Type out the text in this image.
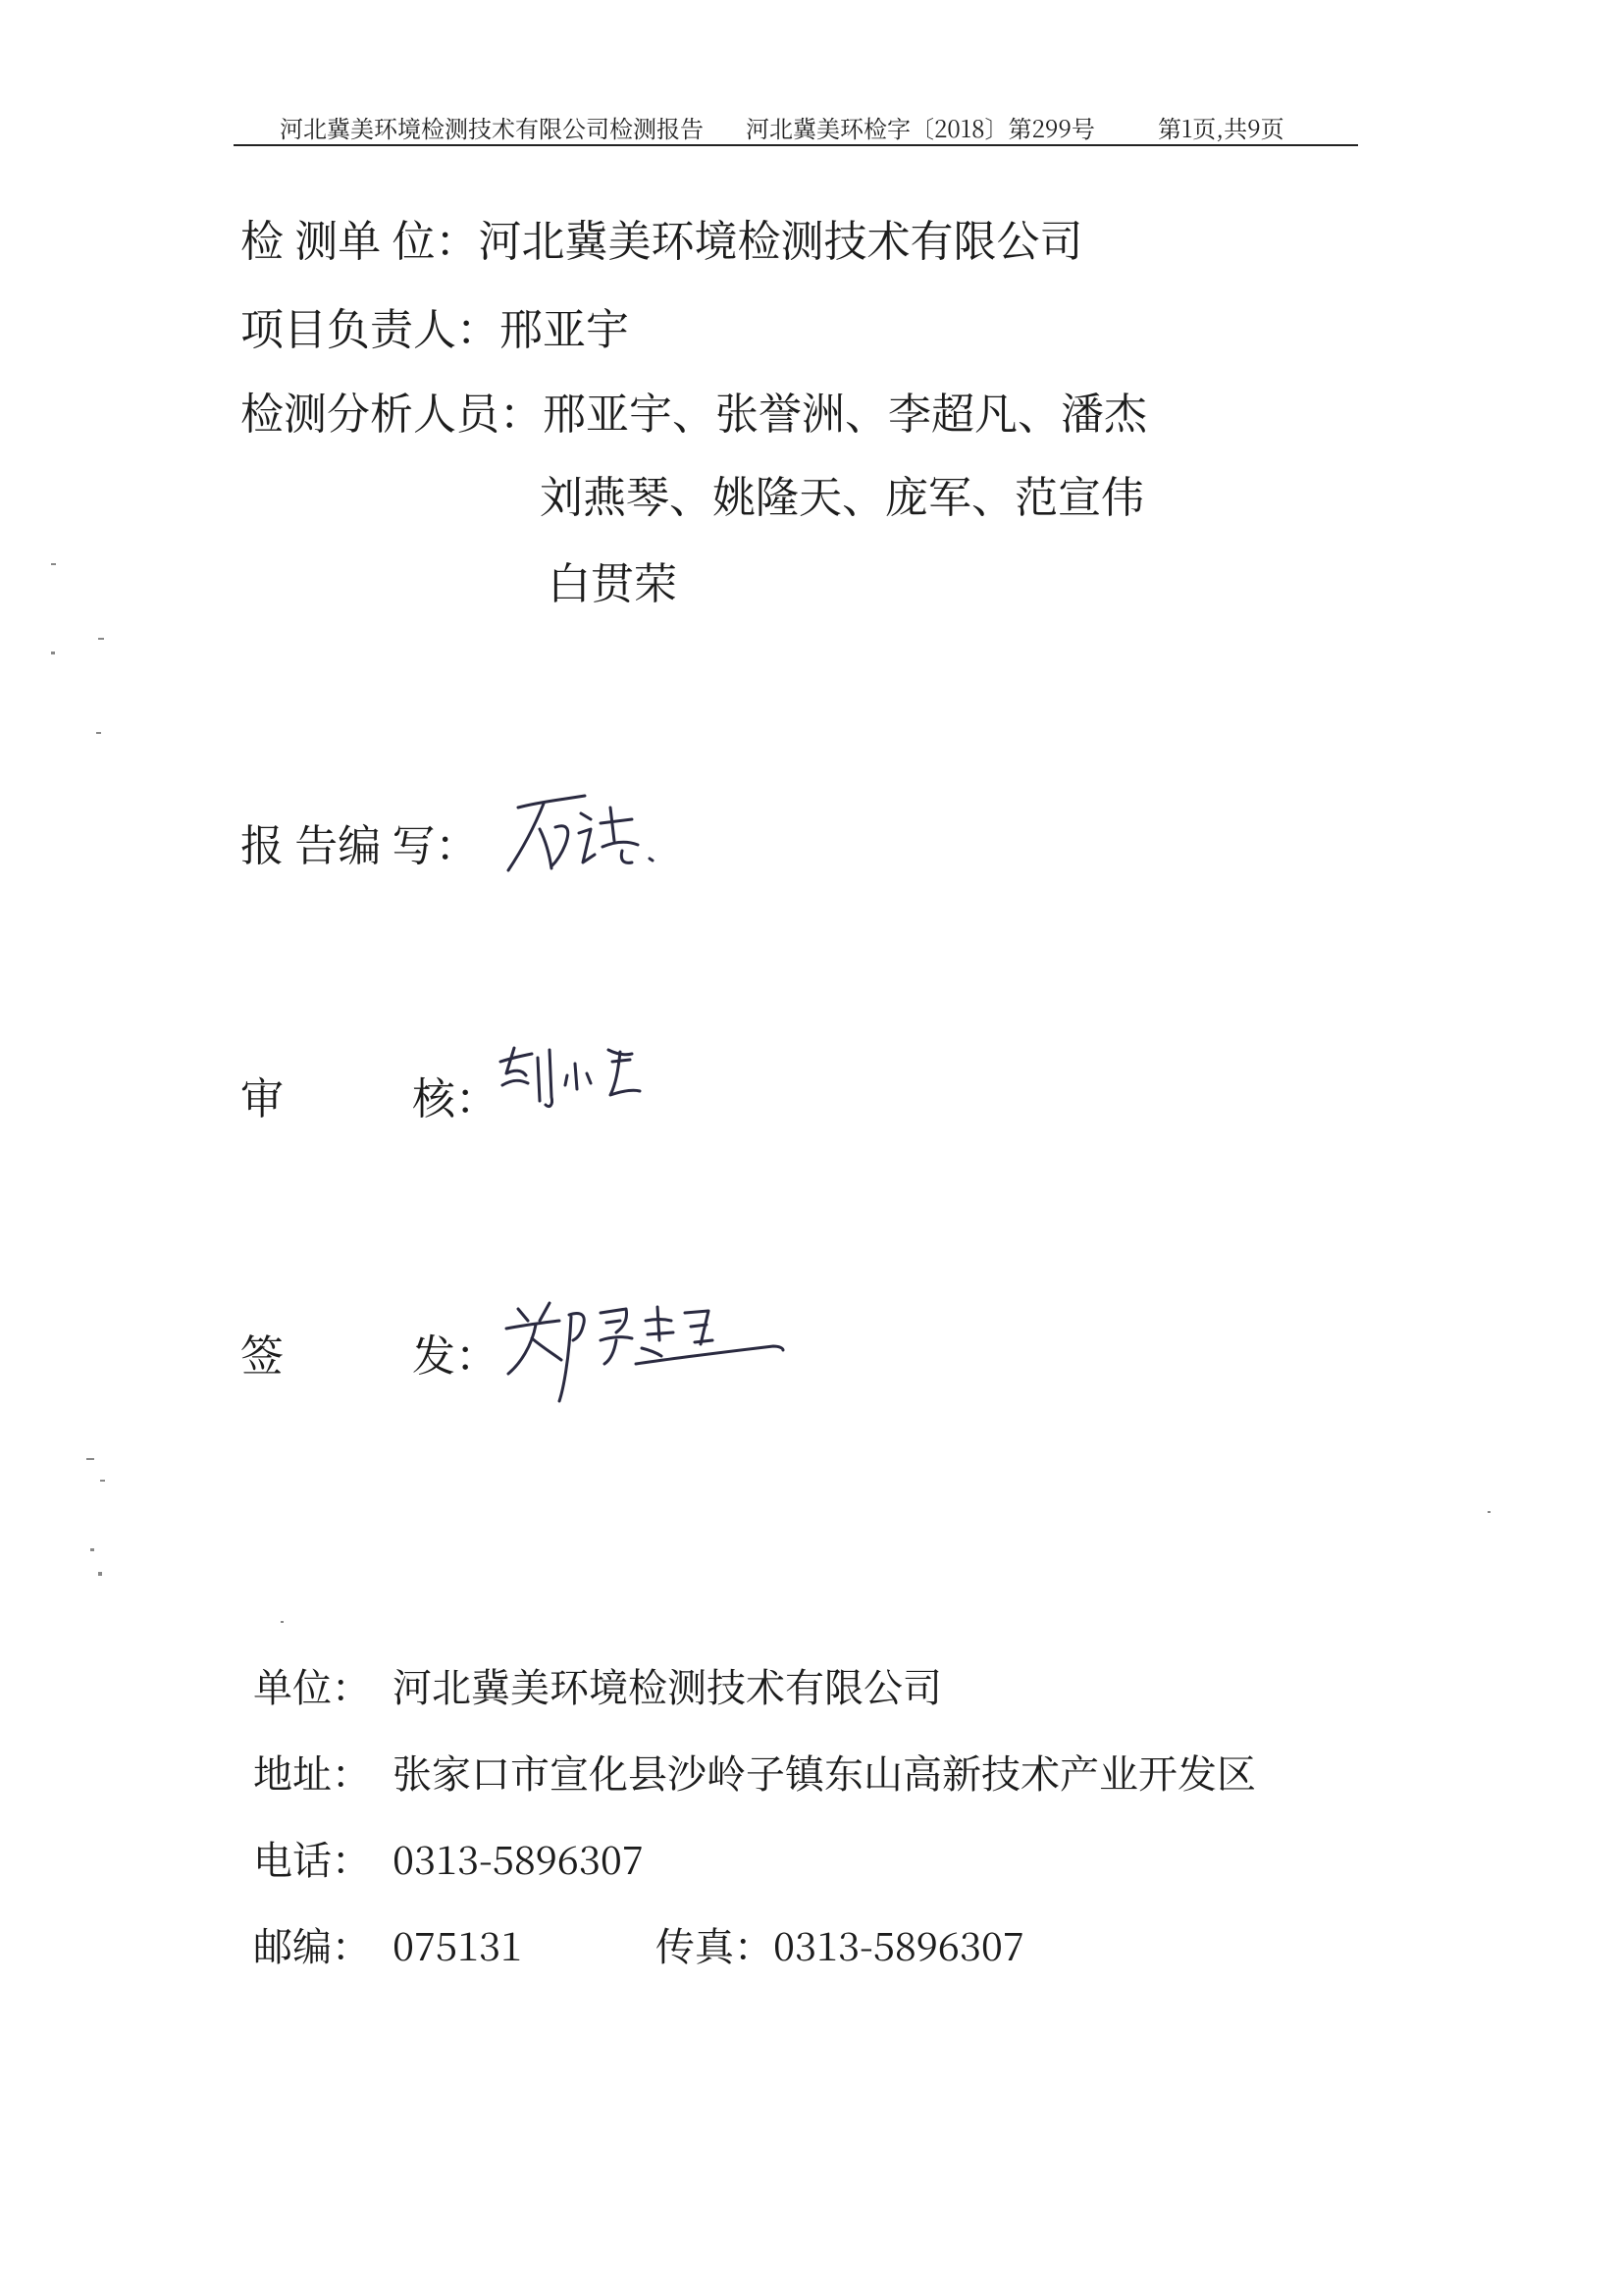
河北冀美环境检测技术有限公司检测报告 河北冀美环检字〔2018〕第299号	第1页,共9页
检 测单 位：河北冀美环境检测技术有限公司
项目负责人：邢亚宇
检测分析人员：邢亚宇、张誉洲、李超凡、潘杰
刘燕琴、姚隆天、庞军、范宣伟
白贯荣
报 告编 写：
审	核：
签	发：
单位： 河北冀美环境检测技术有限公司
地址： 张家口市宣化县沙岭子镇东山高新技术产业开发区
电话： 0313-5896307
邮编： 075131	传真： 0313-5896307
